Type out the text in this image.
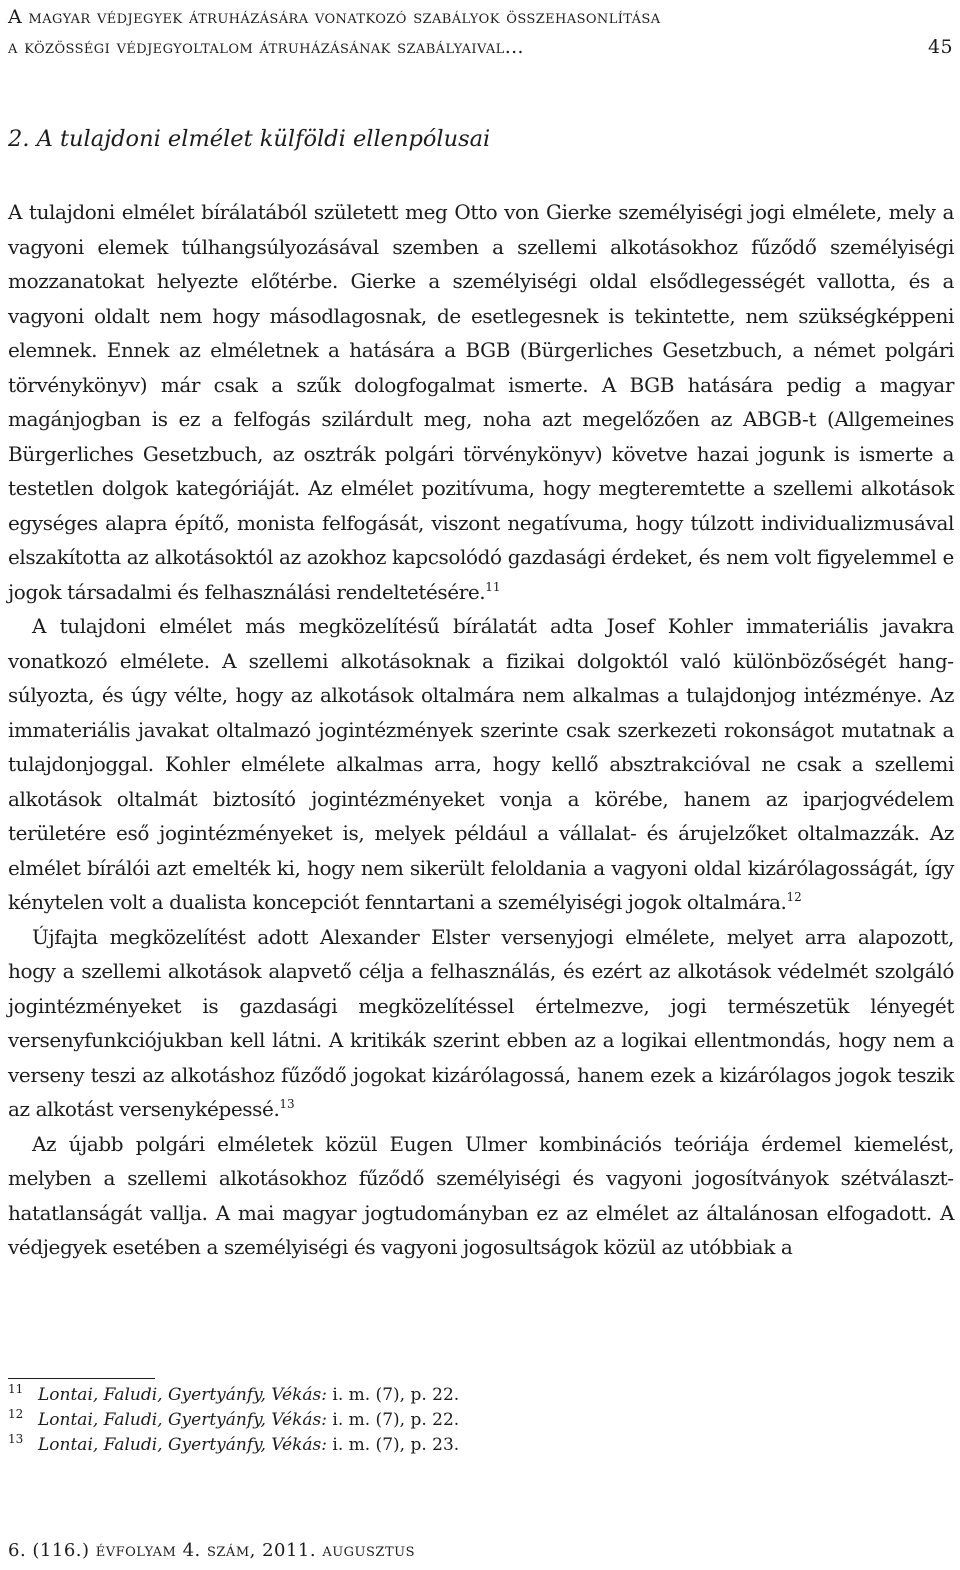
A magyar védjegyek átruházására vonatkozó szabályok összehasonlítása
a közösségi védjegyoltalom átruházásának szabályaival…	45
2. A tulajdoni elmélet külföldi ellenpólusai

A tulajdoni elmélet bírálatából született meg Otto von Gierke személyiségi jogi elmélete, mely a vagyoni elemek túlhangsúlyozásával szemben a szellemi alkotásokhoz fűződő személyiségi mozzanatokat helyezte előtérbe. Gierke a személyiségi oldal elsődlegességét vallotta, és a vagyoni oldalt nem hogy másodlagosnak, de esetlegesnek is tekintette, nem szükségképpeni elemnek. Ennek az elméletnek a hatására a BGB (Bürgerliches Gesetzbuch, a német polgári törvénykönyv) már csak a szűk dologfogalmat ismerte. A BGB hatására pedig a magyar magánjogban is ez a felfogás szilárdult meg, noha azt megelőzően az ABGB-t (Allgemeines Bürgerliches Gesetzbuch, az osztrák polgári törvénykönyv) követve hazai jogunk is ismerte a testetlen dolgok kategóriáját. Az elmélet pozitívuma, hogy megteremtette a szellemi alkotások egységes alapra építő, monista felfogását, viszont negatívuma, hogy túlzott individualizmusával elszakította az alkotásoktól az azokhoz kapcsolódó gazdasági érdeket, és nem volt figyelemmel e jogok társadalmi és felhasználási rendeltetésére.$^{11}$

A tulajdoni elmélet más megközelítésű bírálatát adta Josef Kohler immateriális javakra vonatkozó elmélete. A szellemi alkotásoknak a fizikai dolgoktól való különbözőségét hangsúlyozta, és úgy vélte, hogy az alkotások oltalmára nem alkalmas a tulajdonjog intézménye. Az immateriális javakat oltalmazó jogintézmények szerinte csak szerkezeti rokonságot mutatnak a tulajdonjoggal. Kohler elmélete alkalmas arra, hogy kellő absztrakcióval ne csak a szellemi alkotások oltalmát biztosító jogintézményeket vonja a körébe, hanem az iparjogvédelem területére eső jogintézményeket is, melyek például a vállalat- és árujelzőket oltalmazzák. Az elmélet bírálói azt emelték ki, hogy nem sikerült feloldania a vagyoni oldal kizárólagosságát, így kénytelen volt a dualista koncepciót fenntartani a személyiségi jogok oltalmára.$^{12}$

Újfajta megközelítést adott Alexander Elster versenyjogi elmélete, melyet arra alapozott, hogy a szellemi alkotások alapvető célja a felhasználás, és ezért az alkotások védelmét szolgáló jogintézményeket is gazdasági megközelítéssel értelmezve, jogi természetük lényegét versenyfunkciójukban kell látni. A kritikák szerint ebben az a logikai ellentmondás, hogy nem a verseny teszi az alkotáshoz fűződő jogokat kizárólagossá, hanem ezek a kizárólagos jogok teszik az alkotást versenyképessé.$^{13}$

Az újabb polgári elméletek közül Eugen Ulmer kombinációs teóriája érdemel kiemelést, melyben a szellemi alkotásokhoz fűződő személyiségi és vagyoni jogosítványok szétválaszthatatlanságát vallja. A mai magyar jogtudományban ez az elmélet az általánosan elfogadott. A védjegyek esetében a személyiségi és vagyoni jogosultságok közül az utóbbiak a

11 Lontai, Faludi, Gyertyánfy, Vékás: i. m. (7), p. 22.
12 Lontai, Faludi, Gyertyánfy, Vékás: i. m. (7), p. 22.
13 Lontai, Faludi, Gyertyánfy, Vékás: i. m. (7), p. 23.
6. (116.) évfolyam 4. szám, 2011. augusztus
